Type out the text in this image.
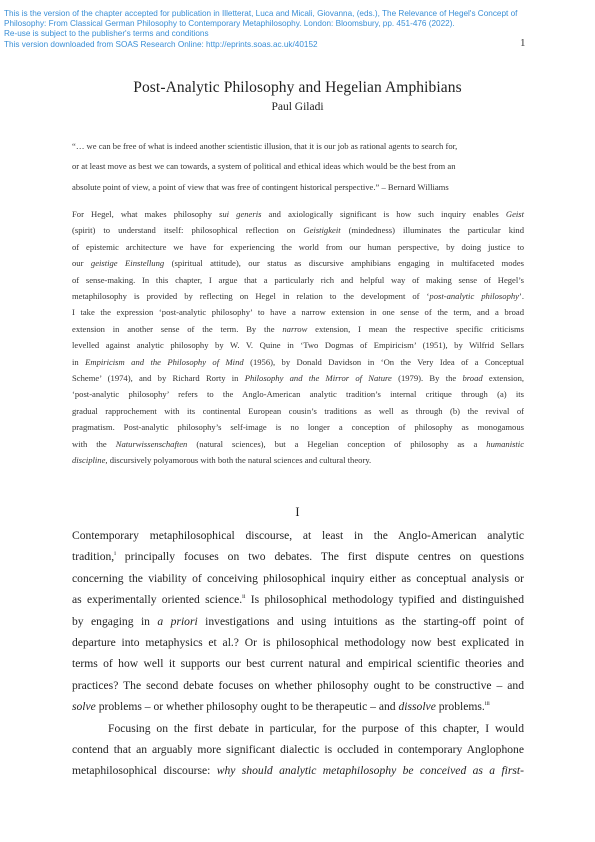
This is the version of the chapter accepted for publication in Illetterat, Luca and Micali, Giovanna, (eds.), The Relevance of Hegel's Concept of
Philosophy: From Classical German Philosophy to Contemporary Metaphilosophy. London: Bloomsbury, pp. 451-476 (2022).
Re-use is subject to the publisher's terms and conditions
This version downloaded from SOAS Research Online: http://eprints.soas.ac.uk/40152	1
Post-Analytic Philosophy and Hegelian Amphibians
Paul Giladi
“… we can be free of what is indeed another scientistic illusion, that it is our job as rational agents to search for,
or at least move as best we can towards, a system of political and ethical ideas which would be the best from an
absolute point of view, a point of view that was free of contingent historical perspective.” – Bernard Williams
For Hegel, what makes philosophy sui generis and axiologically significant is how such inquiry enables Geist
(spirit) to understand itself: philosophical reflection on Geistigkeit (mindedness) illuminates the particular kind
of epistemic architecture we have for experiencing the world from our human perspective, by doing justice to
our geistige Einstellung (spiritual attitude), our status as discursive amphibians engaging in multifaceted modes
of sense-making. In this chapter, I argue that a particularly rich and helpful way of making sense of Hegel’s
metaphilosophy is provided by reflecting on Hegel in relation to the development of ‘post-analytic philosophy’.
I take the expression ‘post-analytic philosophy’ to have a narrow extension in one sense of the term, and a broad
extension in another sense of the term. By the narrow extension, I mean the respective specific criticisms
levelled against analytic philosophy by W. V. Quine in ‘Two Dogmas of Empiricism’ (1951), by Wilfrid Sellars
in Empiricism and the Philosophy of Mind (1956), by Donald Davidson in ‘On the Very Idea of a Conceptual
Scheme’ (1974), and by Richard Rorty in Philosophy and the Mirror of Nature (1979). By the broad extension,
‘post-analytic philosophy’ refers to the Anglo-American analytic tradition’s internal critique through (a) its
gradual rapprochement with its continental European cousin’s traditions as well as through (b) the revival of
pragmatism. Post-analytic philosophy’s self-image is no longer a conception of philosophy as monogamous
with the Naturwissenschaften (natural sciences), but a Hegelian conception of philosophy as a humanistic
discipline, discursively polyamorous with both the natural sciences and cultural theory.
I
Contemporary metaphilosophical discourse, at least in the Anglo-American analytic
tradition,$^i$ principally focuses on two debates. The first dispute centres on questions
concerning the viability of conceiving philosophical inquiry either as conceptual analysis or
as experimentally oriented science.$^{ii}$ Is philosophical methodology typified and distinguished
by engaging in a priori investigations and using intuitions as the starting-off point of
departure into metaphysics et al.? Or is philosophical methodology now best explicated in
terms of how well it supports our best current natural and empirical scientific theories and
practices? The second debate focuses on whether philosophy ought to be constructive – and
solve problems – or whether philosophy ought to be therapeutic – and dissolve problems.$^{iii}$
Focusing on the first debate in particular, for the purpose of this chapter, I would
contend that an arguably more significant dialectic is occluded in contemporary Anglophone
metaphilosophical discourse: why should analytic metaphilosophy be conceived as a first-
